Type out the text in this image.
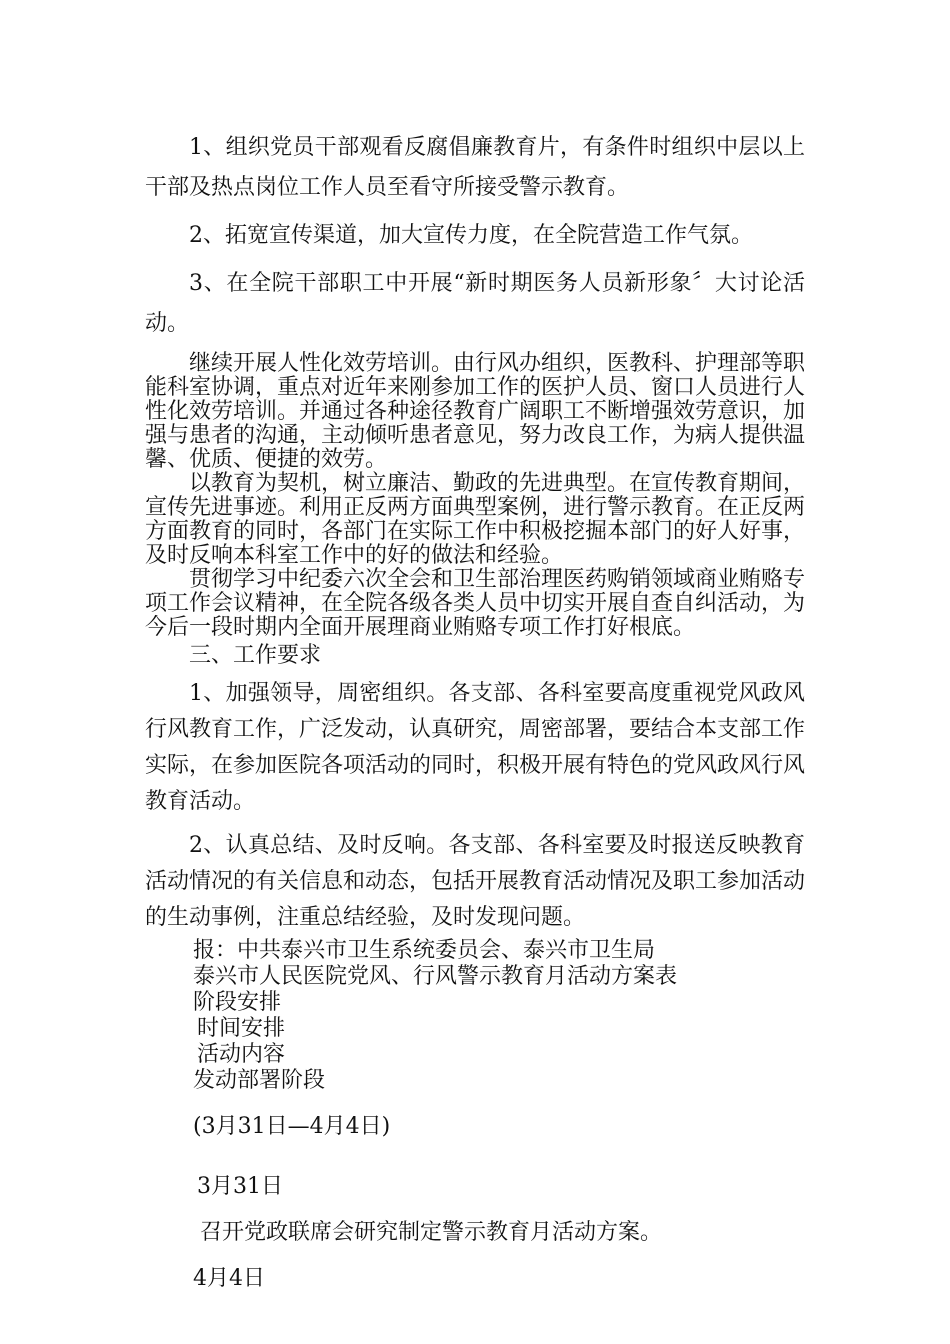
1、组织党员干部观看反腐倡廉教育片，有条件时组织中层以上干部及热点岗位工作人员至看守所接受警示教育。

2、拓宽宣传渠道，加大宣传力度，在全院营造工作气氛。

3、在全院干部职工中开展“新时期医务人员新形象〞大讨论活动。

继续开展人性化效劳培训。由行风办组织，医教科、护理部等职能科室协调，重点对近年来刚参加工作的医护人员、窗口人员进行人性化效劳培训。并通过各种途径教育广阔职工不断增强效劳意识，加强与患者的沟通，主动倾听患者意见，努力改良工作，为病人提供温馨、优质、便捷的效劳。

以教育为契机，树立廉洁、勤政的先进典型。在宣传教育期间，宣传先进事迹。利用正反两方面典型案例，进行警示教育。在正反两方面教育的同时，各部门在实际工作中积极挖掘本部门的好人好事，及时反响本科室工作中的好的做法和经验。

贯彻学习中纪委六次全会和卫生部治理医药购销领域商业贿赂专项工作会议精神，在全院各级各类人员中切实开展自查自纠活动，为今后一段时期内全面开展理商业贿赂专项工作打好根底。

三、工作要求

1、加强领导，周密组织。各支部、各科室要高度重视党风政风行风教育工作，广泛发动，认真研究，周密部署，要结合本支部工作实际，在参加医院各项活动的同时，积极开展有特色的党风政风行风教育活动。

2、认真总结、及时反响。各支部、各科室要及时报送反映教育活动情况的有关信息和动态，包括开展教育活动情况及职工参加活动的生动事例，注重总结经验，及时发现问题。

报：中共泰兴市卫生系统委员会、泰兴市卫生局

泰兴市人民医院党风、行风警示教育月活动方案表

阶段安排

时间安排

活动内容

发动部署阶段

(3月31日—4月4日)

3月31日

召开党政联席会研究制定警示教育月活动方案。

4月4日
